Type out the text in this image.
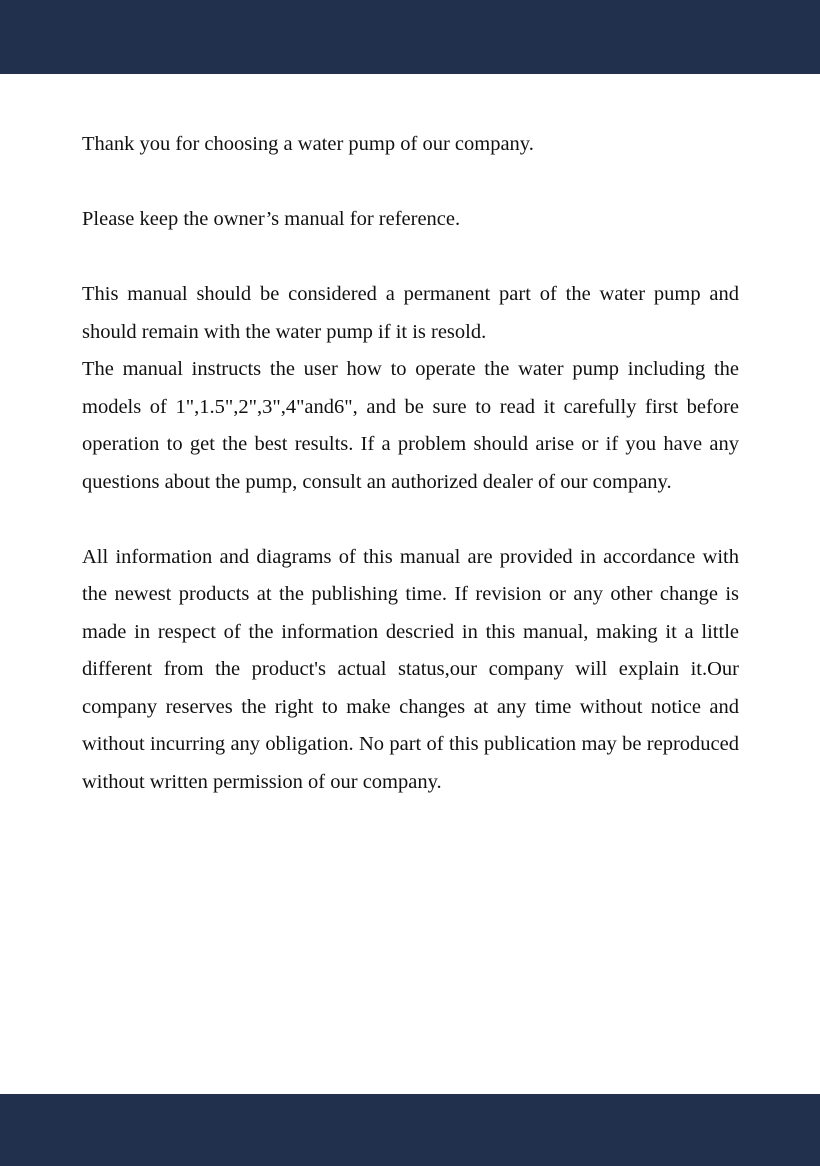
Thank you for choosing a water pump of our company.

Please keep the owner’s manual for reference.

This manual should be considered a permanent part of the water pump and should remain with the water pump if it is resold.

The manual instructs the user how to operate the water pump including the models of 1",1.5",2",3",4"and6", and be sure to read it carefully first before operation to get the best results. If a problem should arise or if you have any questions about the pump, consult an authorized dealer of our company.

All information and diagrams of this manual are provided in accordance with the newest products at the publishing time. If revision or any other change is made in respect of the information descried in this manual, making it a little different from the product's actual status,our company will explain it.Our company reserves the right to make changes at any time without notice and without incurring any obligation. No part of this publication may be reproduced without written permission of our company.
